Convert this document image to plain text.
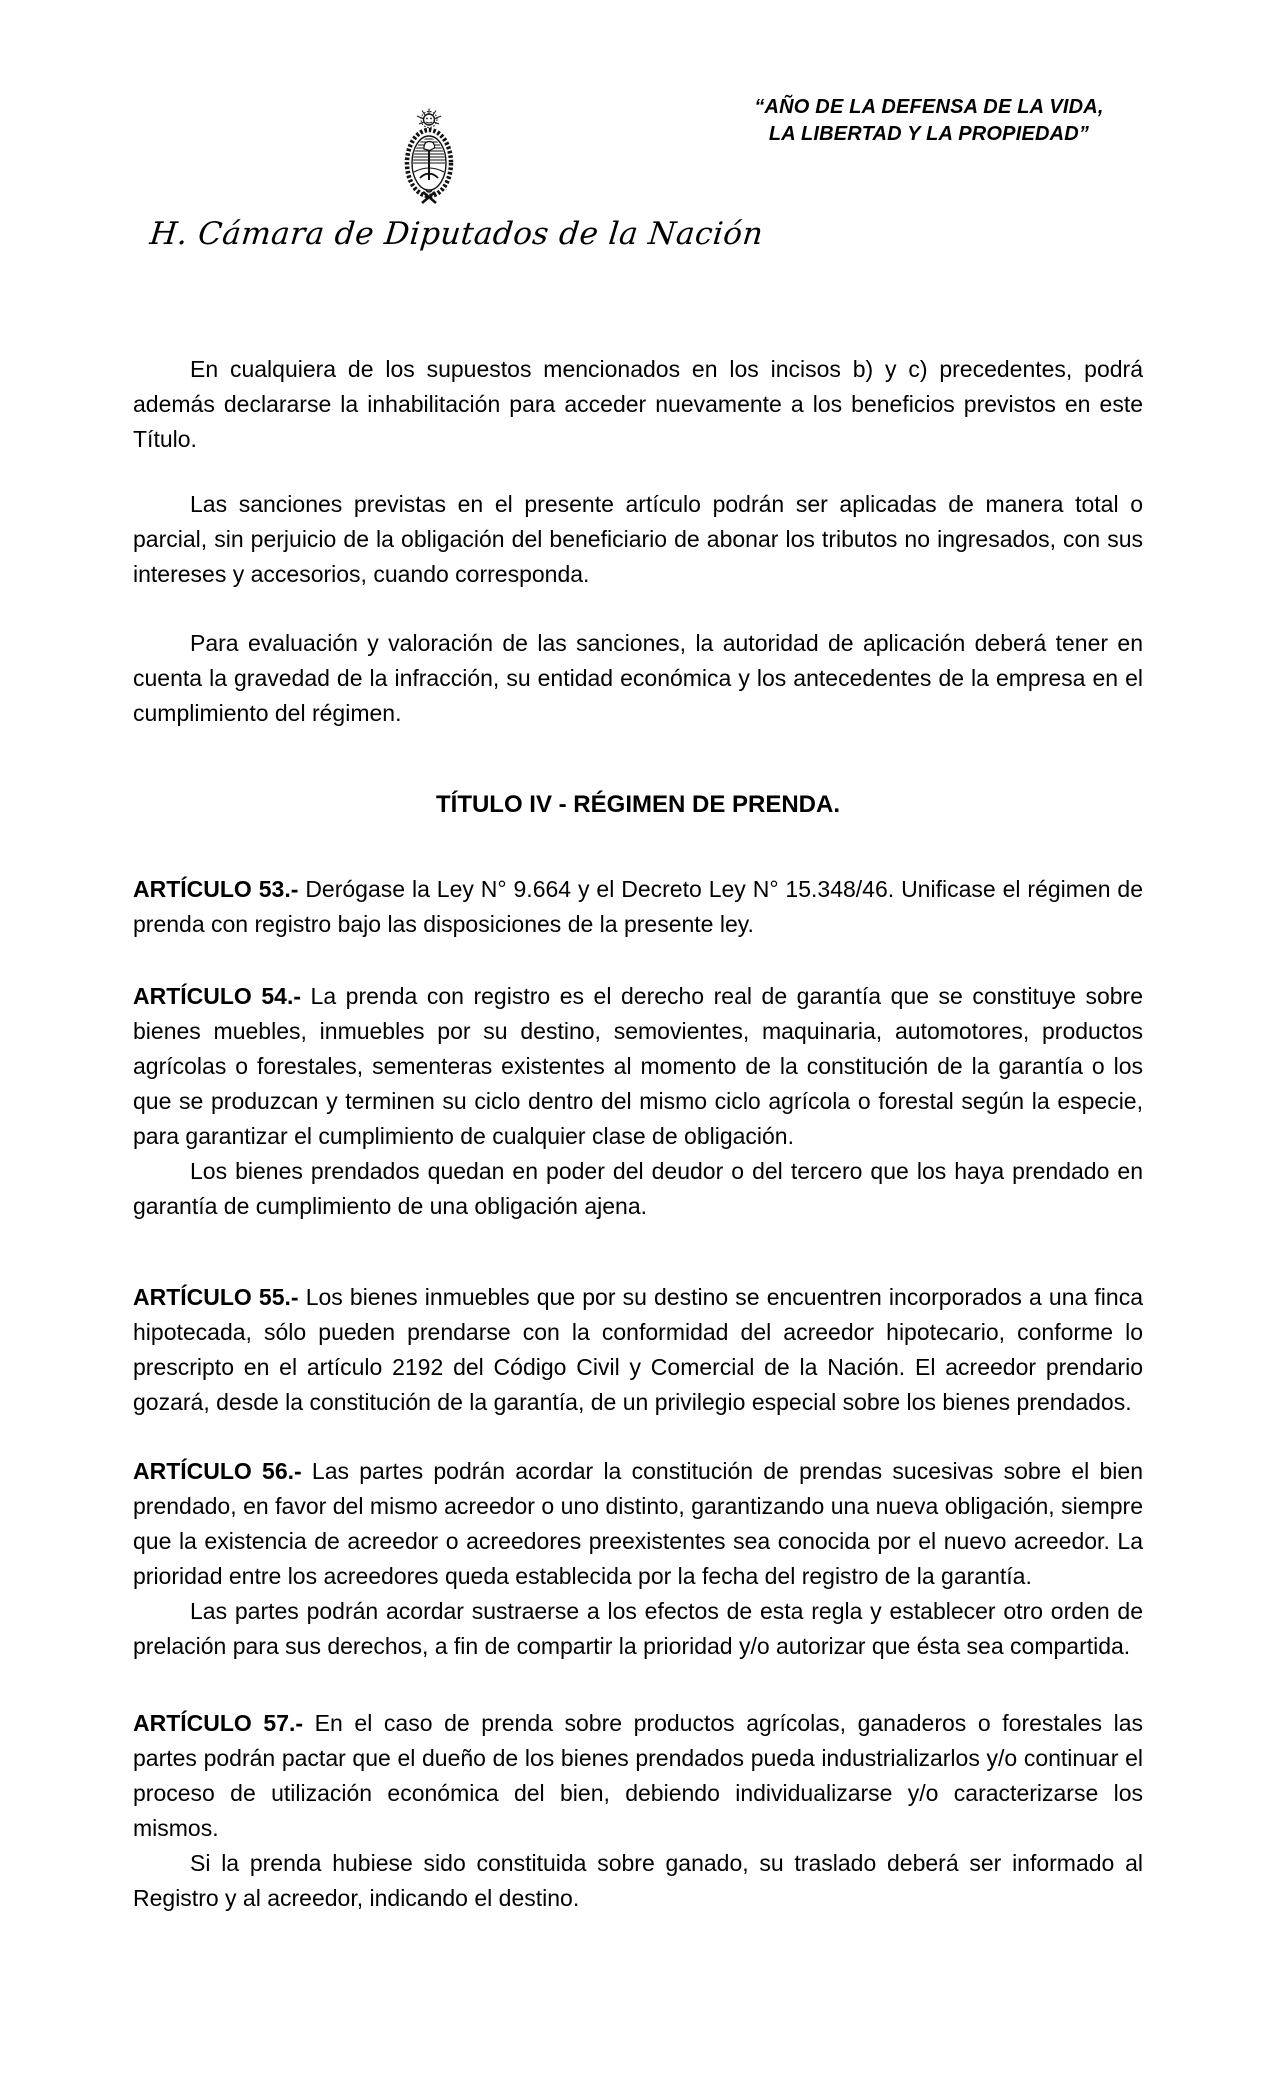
“AÑO DE LA DEFENSA DE LA VIDA,
LA LIBERTAD Y LA PROPIEDAD”
H. Cámara de Diputados de la Nación

En cualquiera de los supuestos mencionados en los incisos b) y c) precedentes, podrá además declararse la inhabilitación para acceder nuevamente a los beneficios previstos en este Título.

Las sanciones previstas en el presente artículo podrán ser aplicadas de manera total o parcial, sin perjuicio de la obligación del beneficiario de abonar los tributos no ingresados, con sus intereses y accesorios, cuando corresponda.

Para evaluación y valoración de las sanciones, la autoridad de aplicación deberá tener en cuenta la gravedad de la infracción, su entidad económica y los antecedentes de la empresa en el cumplimiento del régimen.

TÍTULO IV - RÉGIMEN DE PRENDA.

ARTÍCULO 53.- Derógase la Ley N° 9.664 y el Decreto Ley N° 15.348/46. Unificase el régimen de prenda con registro bajo las disposiciones de la presente ley.

ARTÍCULO 54.- La prenda con registro es el derecho real de garantía que se constituye sobre bienes muebles, inmuebles por su destino, semovientes, maquinaria, automotores, productos agrícolas o forestales, sementeras existentes al momento de la constitución de la garantía o los que se produzcan y terminen su ciclo dentro del mismo ciclo agrícola o forestal según la especie, para garantizar el cumplimiento de cualquier clase de obligación.

Los bienes prendados quedan en poder del deudor o del tercero que los haya prendado en garantía de cumplimiento de una obligación ajena.

ARTÍCULO 55.- Los bienes inmuebles que por su destino se encuentren incorporados a una finca hipotecada, sólo pueden prendarse con la conformidad del acreedor hipotecario, conforme lo prescripto en el artículo 2192 del Código Civil y Comercial de la Nación. El acreedor prendario gozará, desde la constitución de la garantía, de un privilegio especial sobre los bienes prendados.

ARTÍCULO 56.- Las partes podrán acordar la constitución de prendas sucesivas sobre el bien prendado, en favor del mismo acreedor o uno distinto, garantizando una nueva obligación, siempre que la existencia de acreedor o acreedores preexistentes sea conocida por el nuevo acreedor. La prioridad entre los acreedores queda establecida por la fecha del registro de la garantía.

Las partes podrán acordar sustraerse a los efectos de esta regla y establecer otro orden de prelación para sus derechos, a fin de compartir la prioridad y/o autorizar que ésta sea compartida.

ARTÍCULO 57.- En el caso de prenda sobre productos agrícolas, ganaderos o forestales las partes podrán pactar que el dueño de los bienes prendados pueda industrializarlos y/o continuar el proceso de utilización económica del bien, debiendo individualizarse y/o caracterizarse los mismos.

Si la prenda hubiese sido constituida sobre ganado, su traslado deberá ser informado al Registro y al acreedor, indicando el destino.
